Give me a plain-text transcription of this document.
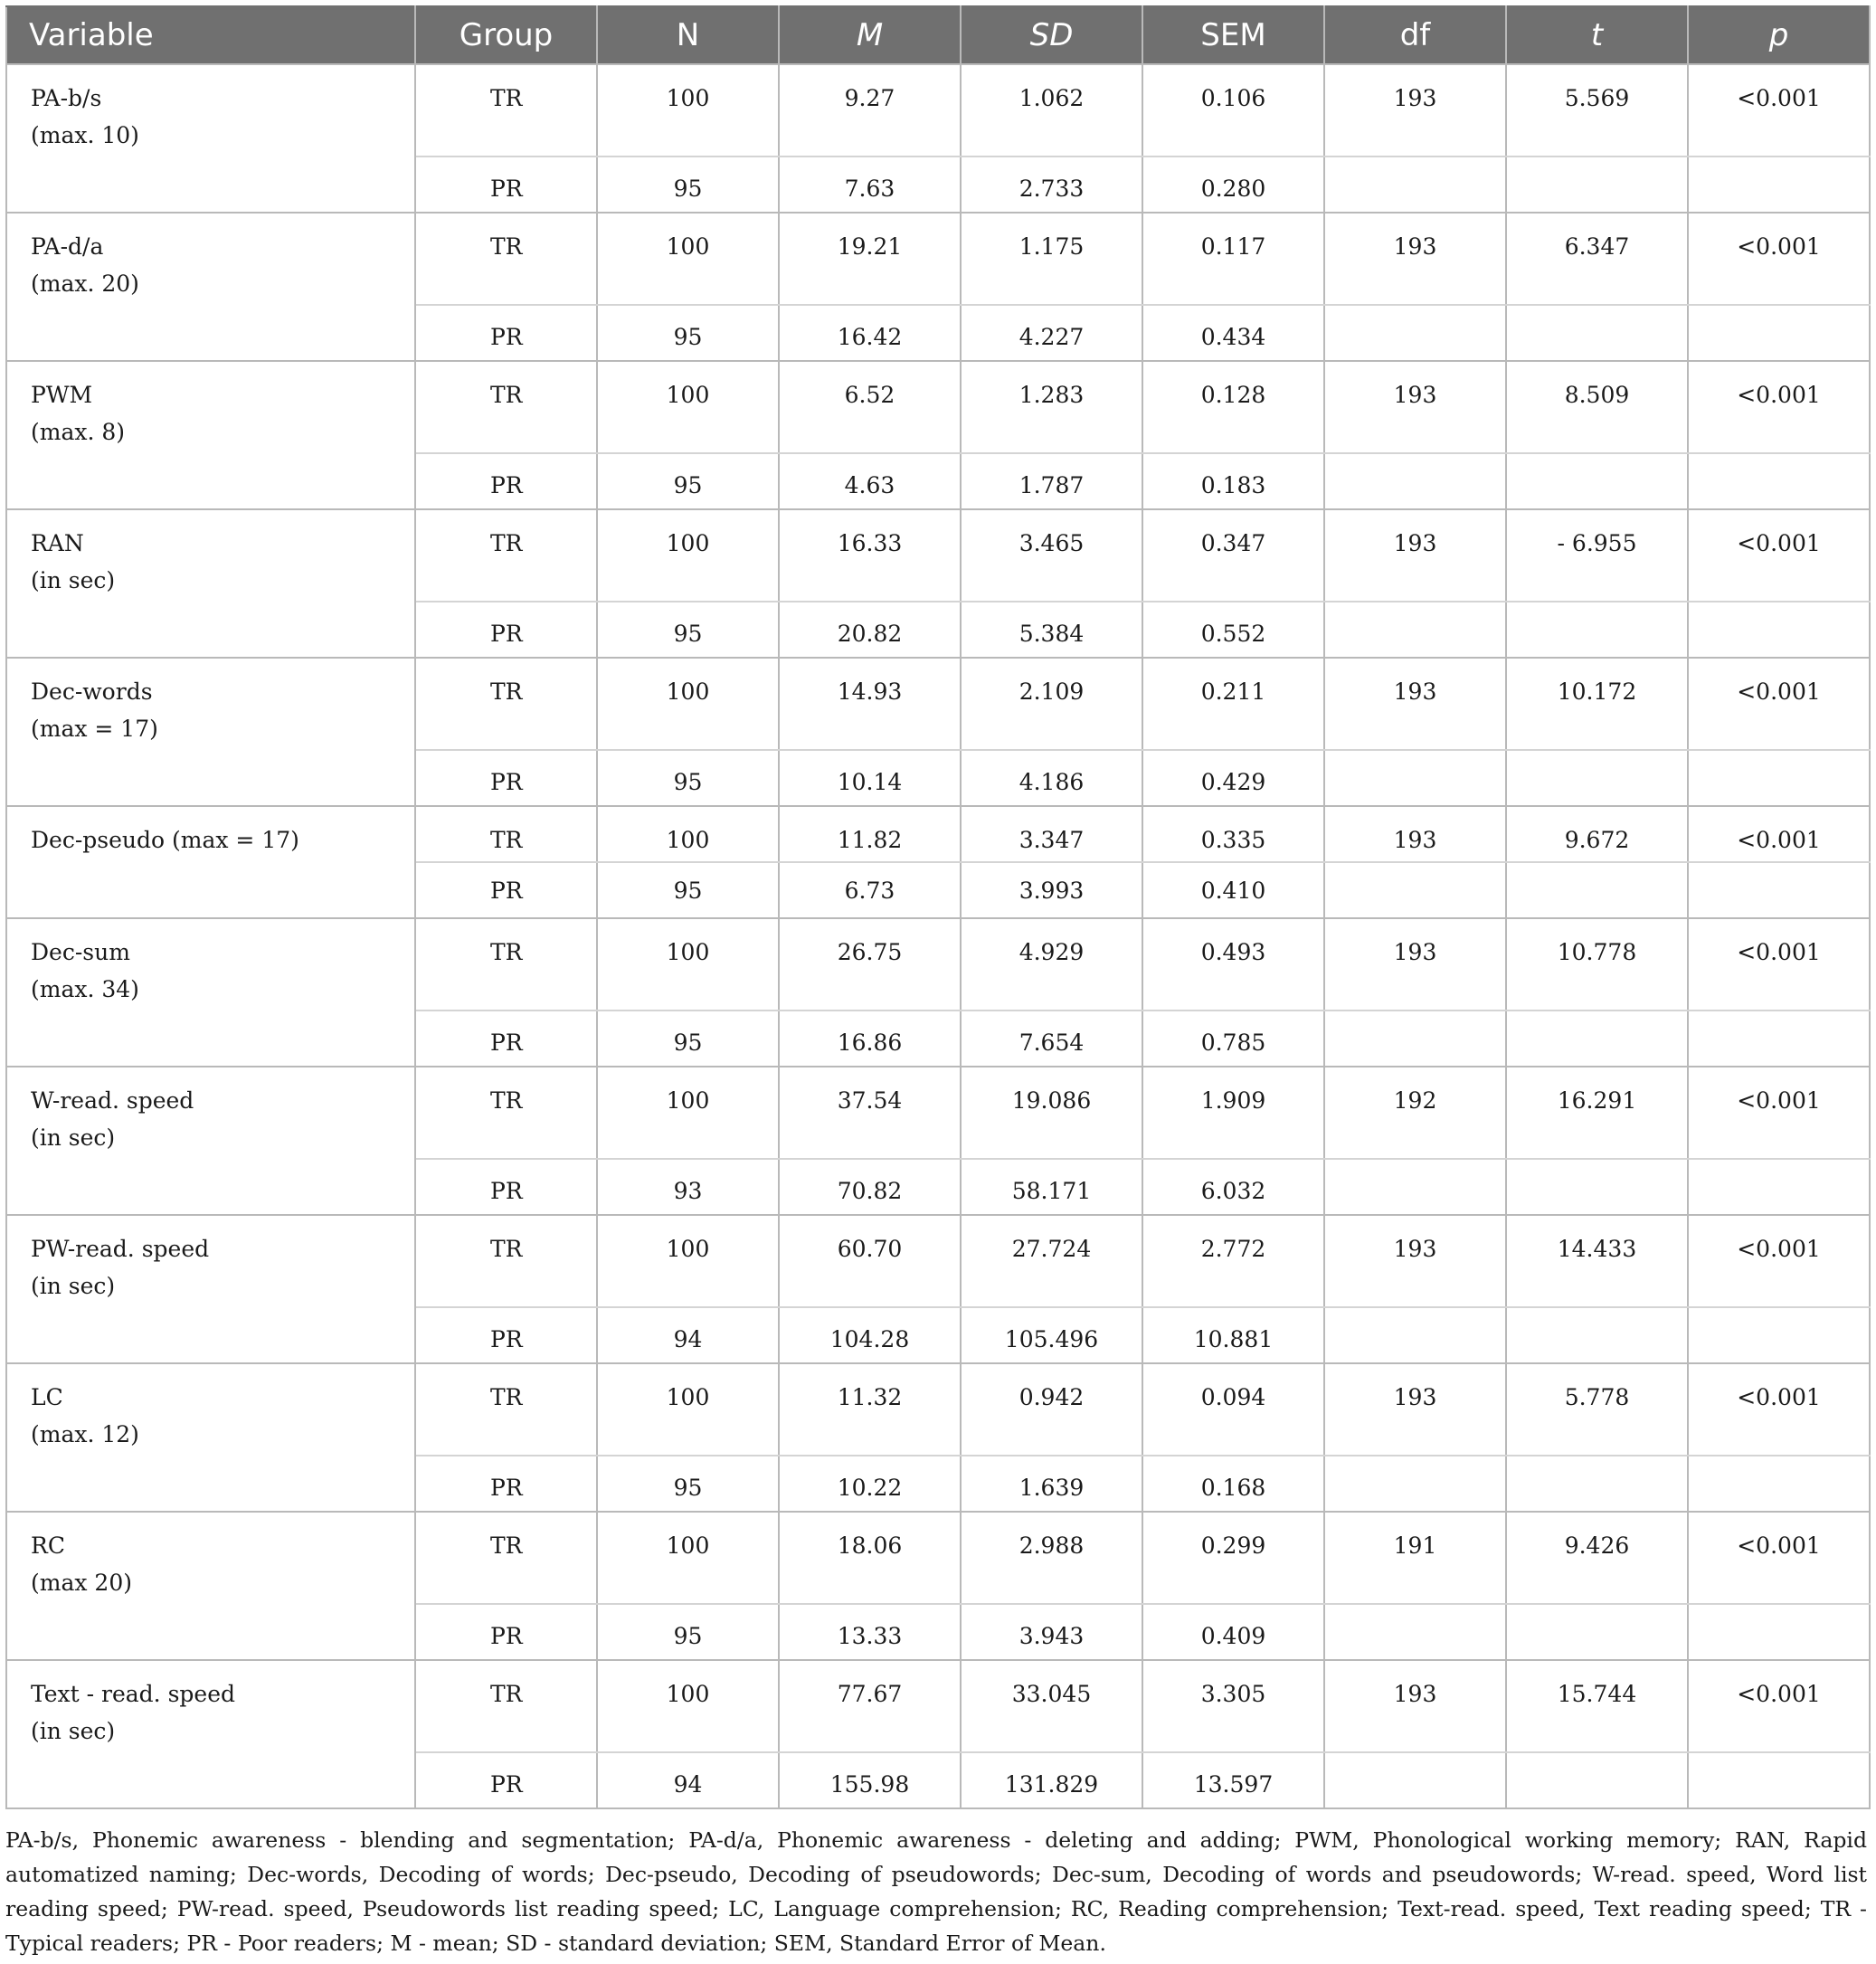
Variable	Group	N	M	SD	SEM	df	t	p

PA-b/s
(max. 10)	TR	100	9.27	1.062	0.106	193	5.569	<0.001
	PR	95	7.63	2.733	0.280			

PA-d/a
(max. 20)	TR	100	19.21	1.175	0.117	193	6.347	<0.001
	PR	95	16.42	4.227	0.434			

PWM
(max. 8)	TR	100	6.52	1.283	0.128	193	8.509	<0.001
	PR	95	4.63	1.787	0.183			

RAN
(in sec)	TR	100	16.33	3.465	0.347	193	- 6.955	<0.001
	PR	95	20.82	5.384	0.552			

Dec-words
(max = 17)	TR	100	14.93	2.109	0.211	193	10.172	<0.001
	PR	95	10.14	4.186	0.429			

Dec-pseudo (max = 17)	TR	100	11.82	3.347	0.335	193	9.672	<0.001
	PR	95	6.73	3.993	0.410			

Dec-sum
(max. 34)	TR	100	26.75	4.929	0.493	193	10.778	<0.001
	PR	95	16.86	7.654	0.785			

W-read. speed
(in sec)	TR	100	37.54	19.086	1.909	192	16.291	<0.001
	PR	93	70.82	58.171	6.032			

PW-read. speed
(in sec)	TR	100	60.70	27.724	2.772	193	14.433	<0.001
	PR	94	104.28	105.496	10.881			

LC
(max. 12)	TR	100	11.32	0.942	0.094	193	5.778	<0.001
	PR	95	10.22	1.639	0.168			

RC
(max 20)	TR	100	18.06	2.988	0.299	191	9.426	<0.001
	PR	95	13.33	3.943	0.409			

Text - read. speed
(in sec)	TR	100	77.67	33.045	3.305	193	15.744	<0.001
	PR	94	155.98	131.829	13.597			
PA-b/s, Phonemic awareness - blending and segmentation; PA-d/a, Phonemic awareness - deleting and adding; PWM, Phonological working memory; RAN, Rapid automatized naming; Dec-words, Decoding of words; Dec-pseudo, Decoding of pseudowords; Dec-sum, Decoding of words and pseudowords; W-read. speed, Word list reading speed; PW-read. speed, Pseudowords list reading speed; LC, Language comprehension; RC, Reading comprehension; Text-read. speed, Text reading speed; TR - Typical readers; PR - Poor readers; M - mean; SD - standard deviation; SEM, Standard Error of Mean.
